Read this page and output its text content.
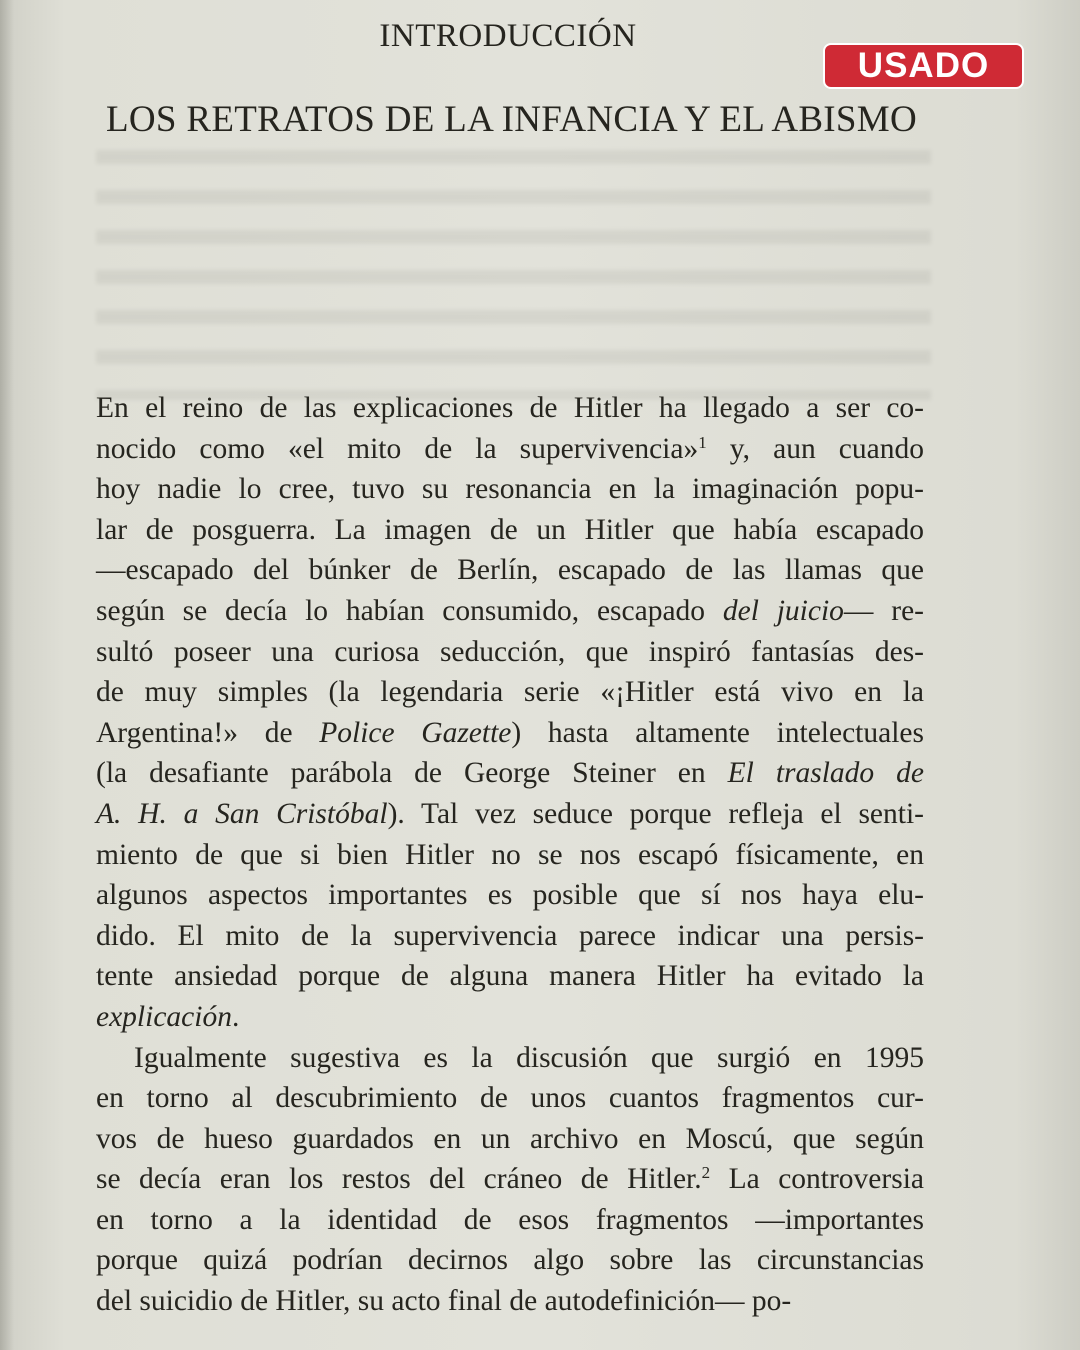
INTRODUCCIÓN
USADO
LOS RETRATOS DE LA INFANCIA Y EL ABISMO
En el reino de las explicaciones de Hitler ha llegado a ser co-
nocido como «el mito de la supervivencia»$^1$ y, aun cuando
hoy nadie lo cree, tuvo su resonancia en la imaginación popu-
lar de posguerra. La imagen de un Hitler que había escapado
—escapado del búnker de Berlín, escapado de las llamas que
según se decía lo habían consumido, escapado del juicio— re-
sultó poseer una curiosa seducción, que inspiró fantasías des-
de muy simples (la legendaria serie «¡Hitler está vivo en la
Argentina!» de Police Gazette) hasta altamente intelectuales
(la desafiante parábola de George Steiner en El traslado de
A. H. a San Cristóbal). Tal vez seduce porque refleja el senti-
miento de que si bien Hitler no se nos escapó físicamente, en
algunos aspectos importantes es posible que sí nos haya elu-
dido. El mito de la supervivencia parece indicar una persis-
tente ansiedad porque de alguna manera Hitler ha evitado la
explicación.
Igualmente sugestiva es la discusión que surgió en 1995
en torno al descubrimiento de unos cuantos fragmentos cur-
vos de hueso guardados en un archivo en Moscú, que según
se decía eran los restos del cráneo de Hitler.$^2$ La controversia
en torno a la identidad de esos fragmentos —importantes
porque quizá podrían decirnos algo sobre las circunstancias
del suicidio de Hitler, su acto final de autodefinición— po-
